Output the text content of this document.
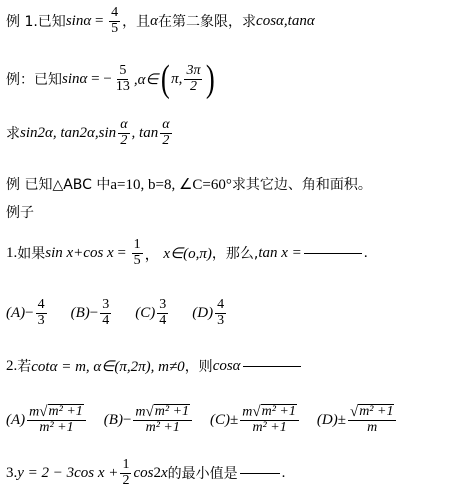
例 1.已知 $\sin\alpha = \frac{4}{5}$ ，且 α 在第二象限，求 cosα,tanα
例：已知 sinα = − $\frac{5}{13}$ ,α∈ ( π, $\frac{3\pi}{2}$ )
求 sin2α, tan2α, $\sin \frac{\alpha}{2}$ , $\tan \frac{\alpha}{2}$
例 已知△ABC 中 a=10, b=8, ∠C=60° 求其它边、角和面积。
例子
1. 如果 sin x+cos $x = \frac{1}{5}$ ， x∈(o,π) ，那么, tan x =	.
$(A) - \frac{4}{3} (B) - \frac{3}{4} (C) \frac{3}{4} (D) \frac{4}{3}$
2. 若 cotα = m, α∈(π,2π), m≠0 ，则 cosα
$(A) \frac{\text{m √ m² +1}}{\text{m² +1}} (B) - \frac{\text{m √ m² +1}}{\text{m² +1}} (C) \pm \frac{\text{m √ m² +1}}{\text{m² +1}} (D) \pm \frac{\text{√ m² +1}}{m}$
3. y = 2 − 3cos $x + \frac{1}{2}$ cos 2 x 的最小值是	.
